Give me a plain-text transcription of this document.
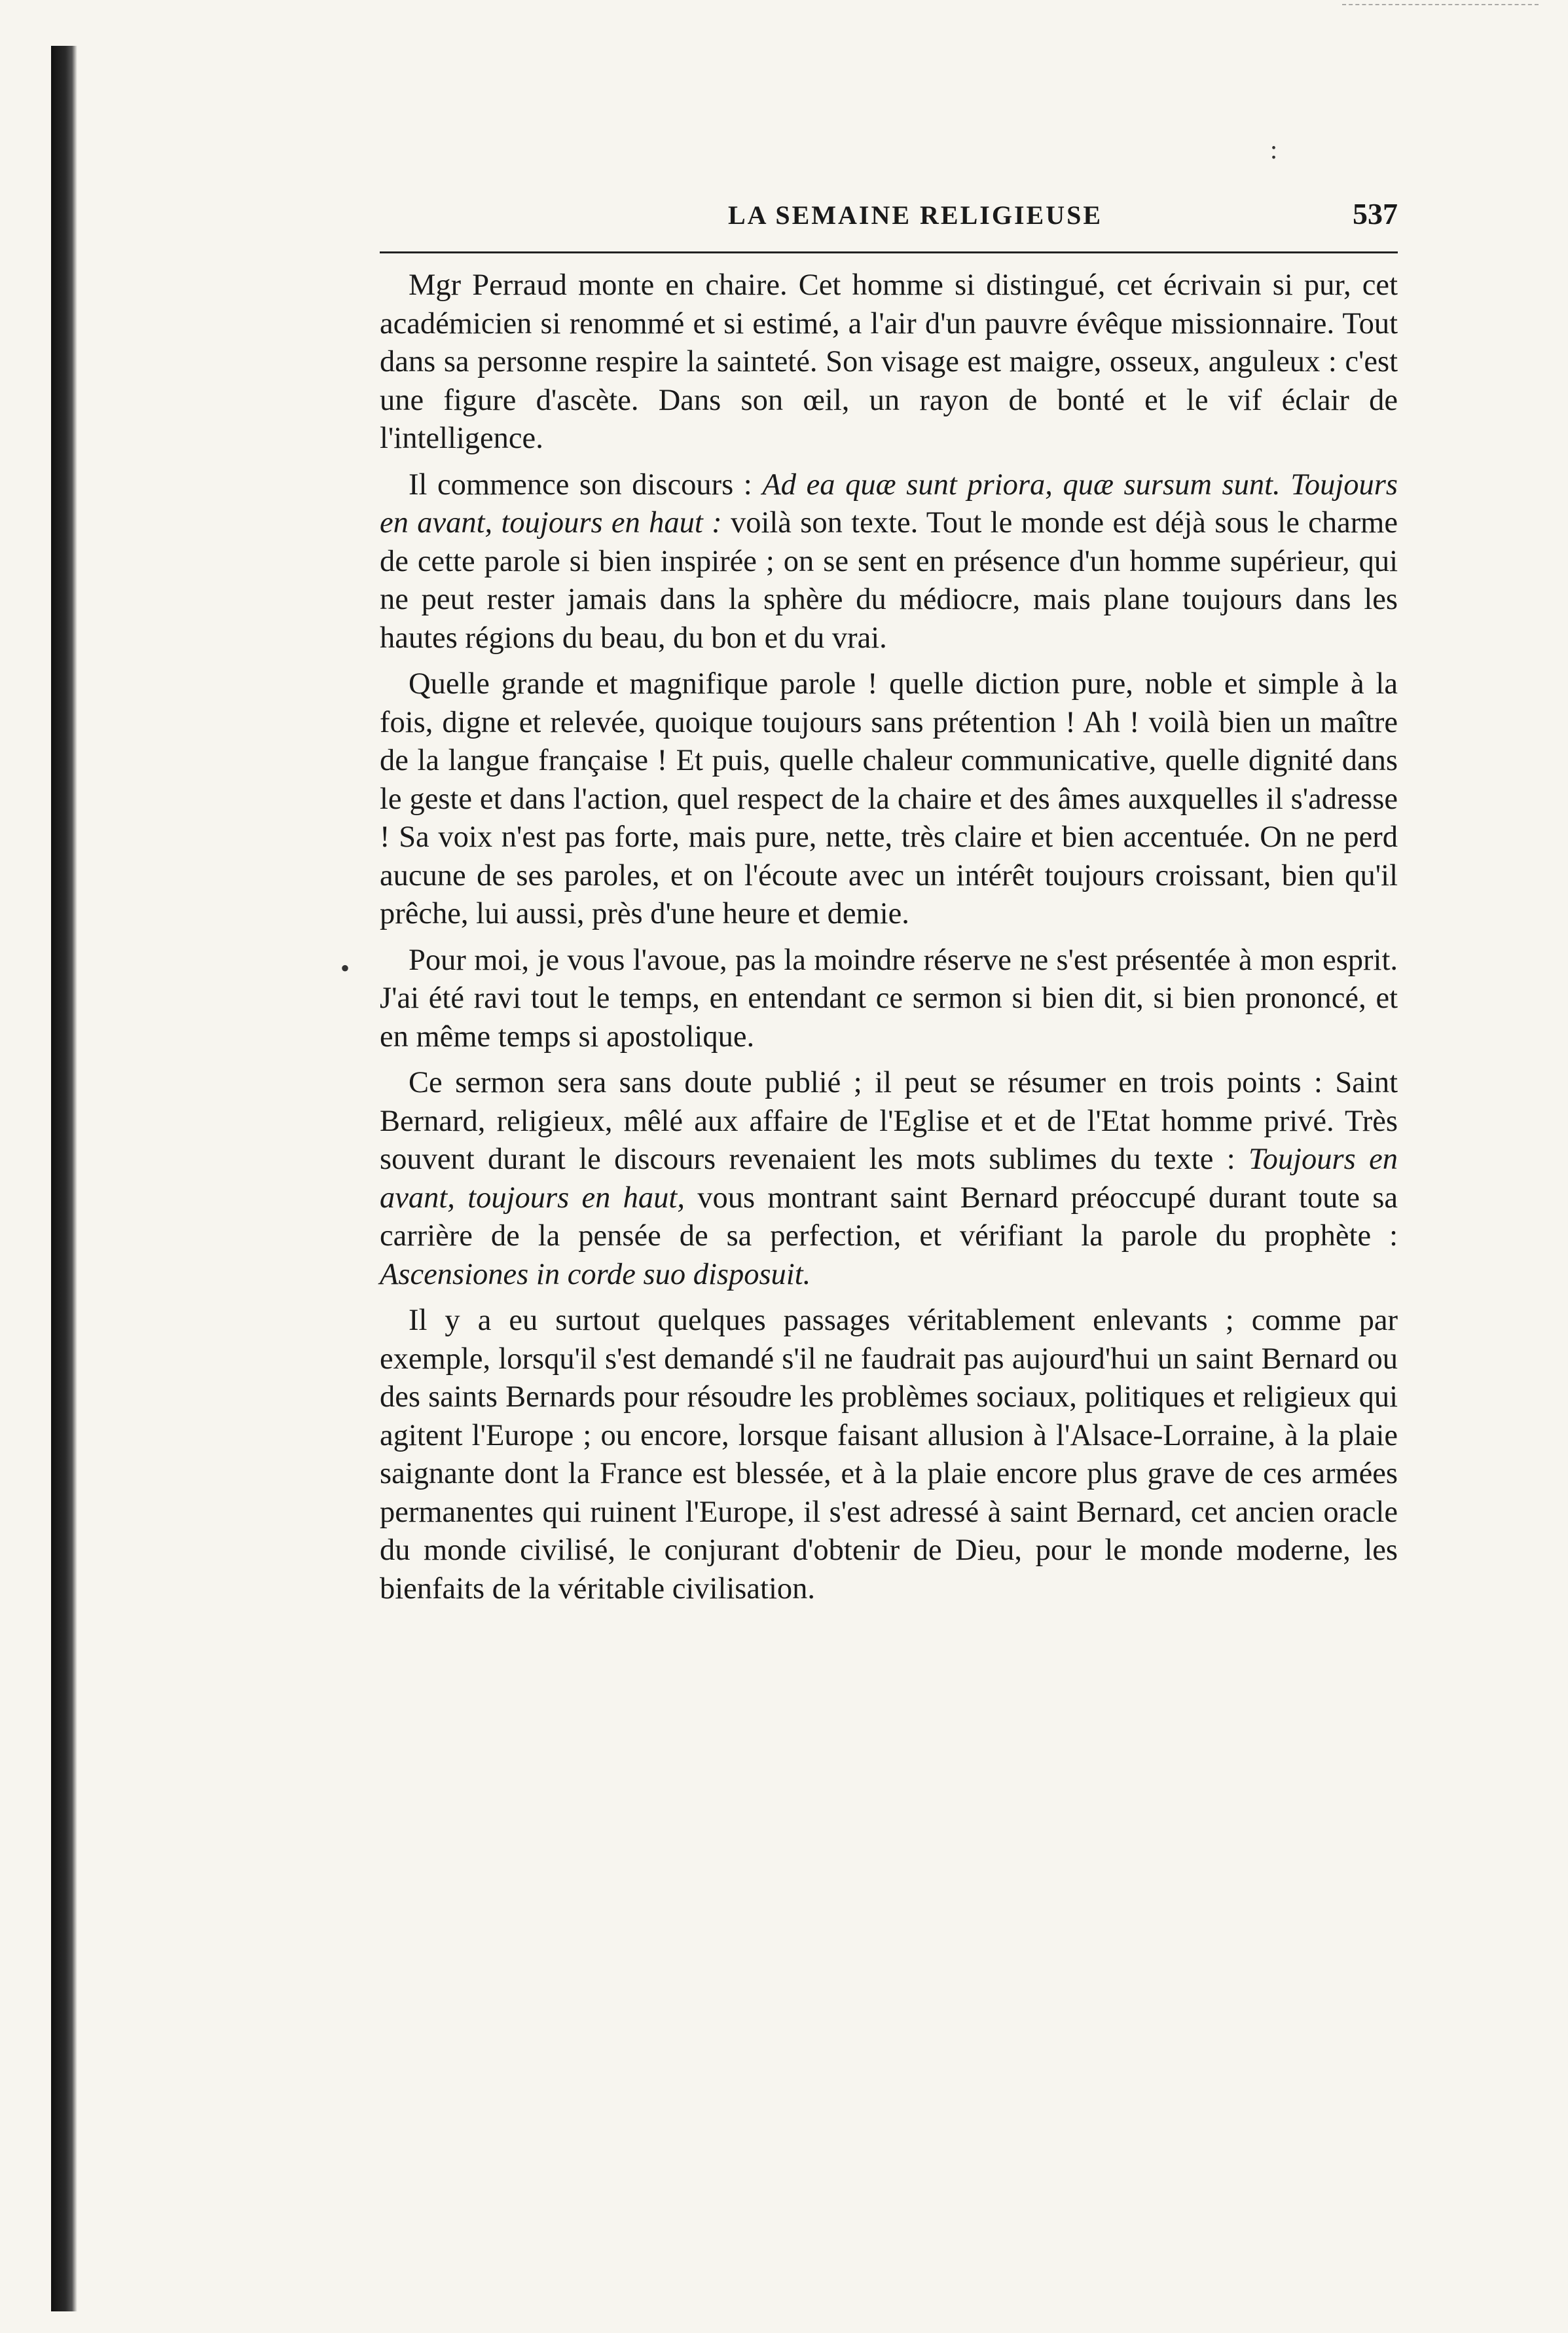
:
•
LA SEMAINE RELIGIEUSE	537

Mgr Perraud monte en chaire. Cet homme si distingué, cet écrivain si pur, cet académicien si renommé et si estimé, a l'air d'un pauvre évêque missionnaire. Tout dans sa personne respire la sainteté. Son visage est maigre, osseux, anguleux : c'est une figure d'ascète. Dans son œil, un rayon de bonté et le vif éclair de l'intelligence.

Il commence son discours : Ad ea quæ sunt priora, quæ sursum sunt. Toujours en avant, toujours en haut : voilà son texte. Tout le monde est déjà sous le charme de cette parole si bien inspirée ; on se sent en présence d'un homme supérieur, qui ne peut rester jamais dans la sphère du médiocre, mais plane toujours dans les hautes régions du beau, du bon et du vrai.

Quelle grande et magnifique parole ! quelle diction pure, noble et simple à la fois, digne et relevée, quoique toujours sans prétention ! Ah ! voilà bien un maître de la langue française ! Et puis, quelle chaleur communicative, quelle dignité dans le geste et dans l'action, quel respect de la chaire et des âmes auxquelles il s'adresse ! Sa voix n'est pas forte, mais pure, nette, très claire et bien accentuée. On ne perd aucune de ses paroles, et on l'écoute avec un intérêt toujours croissant, bien qu'il prêche, lui aussi, près d'une heure et demie.

Pour moi, je vous l'avoue, pas la moindre réserve ne s'est présentée à mon esprit. J'ai été ravi tout le temps, en entendant ce sermon si bien dit, si bien prononcé, et en même temps si apostolique.

Ce sermon sera sans doute publié ; il peut se résumer en trois points : Saint Bernard, religieux, mêlé aux affaire de l'Eglise et et de l'Etat homme privé. Très souvent durant le discours revenaient les mots sublimes du texte : Toujours en avant, toujours en haut, vous montrant saint Bernard préoccupé durant toute sa carrière de la pensée de sa perfection, et vérifiant la parole du prophète : Ascensiones in corde suo disposuit.

Il y a eu surtout quelques passages véritablement enlevants ; comme par exemple, lorsqu'il s'est demandé s'il ne faudrait pas aujourd'hui un saint Bernard ou des saints Bernards pour résoudre les problèmes sociaux, politiques et religieux qui agitent l'Europe ; ou encore, lorsque faisant allusion à l'Alsace-Lorraine, à la plaie saignante dont la France est blessée, et à la plaie encore plus grave de ces armées permanentes qui ruinent l'Europe, il s'est adressé à saint Bernard, cet ancien oracle du monde civilisé, le conjurant d'obtenir de Dieu, pour le monde moderne, les bienfaits de la véritable civilisation.
